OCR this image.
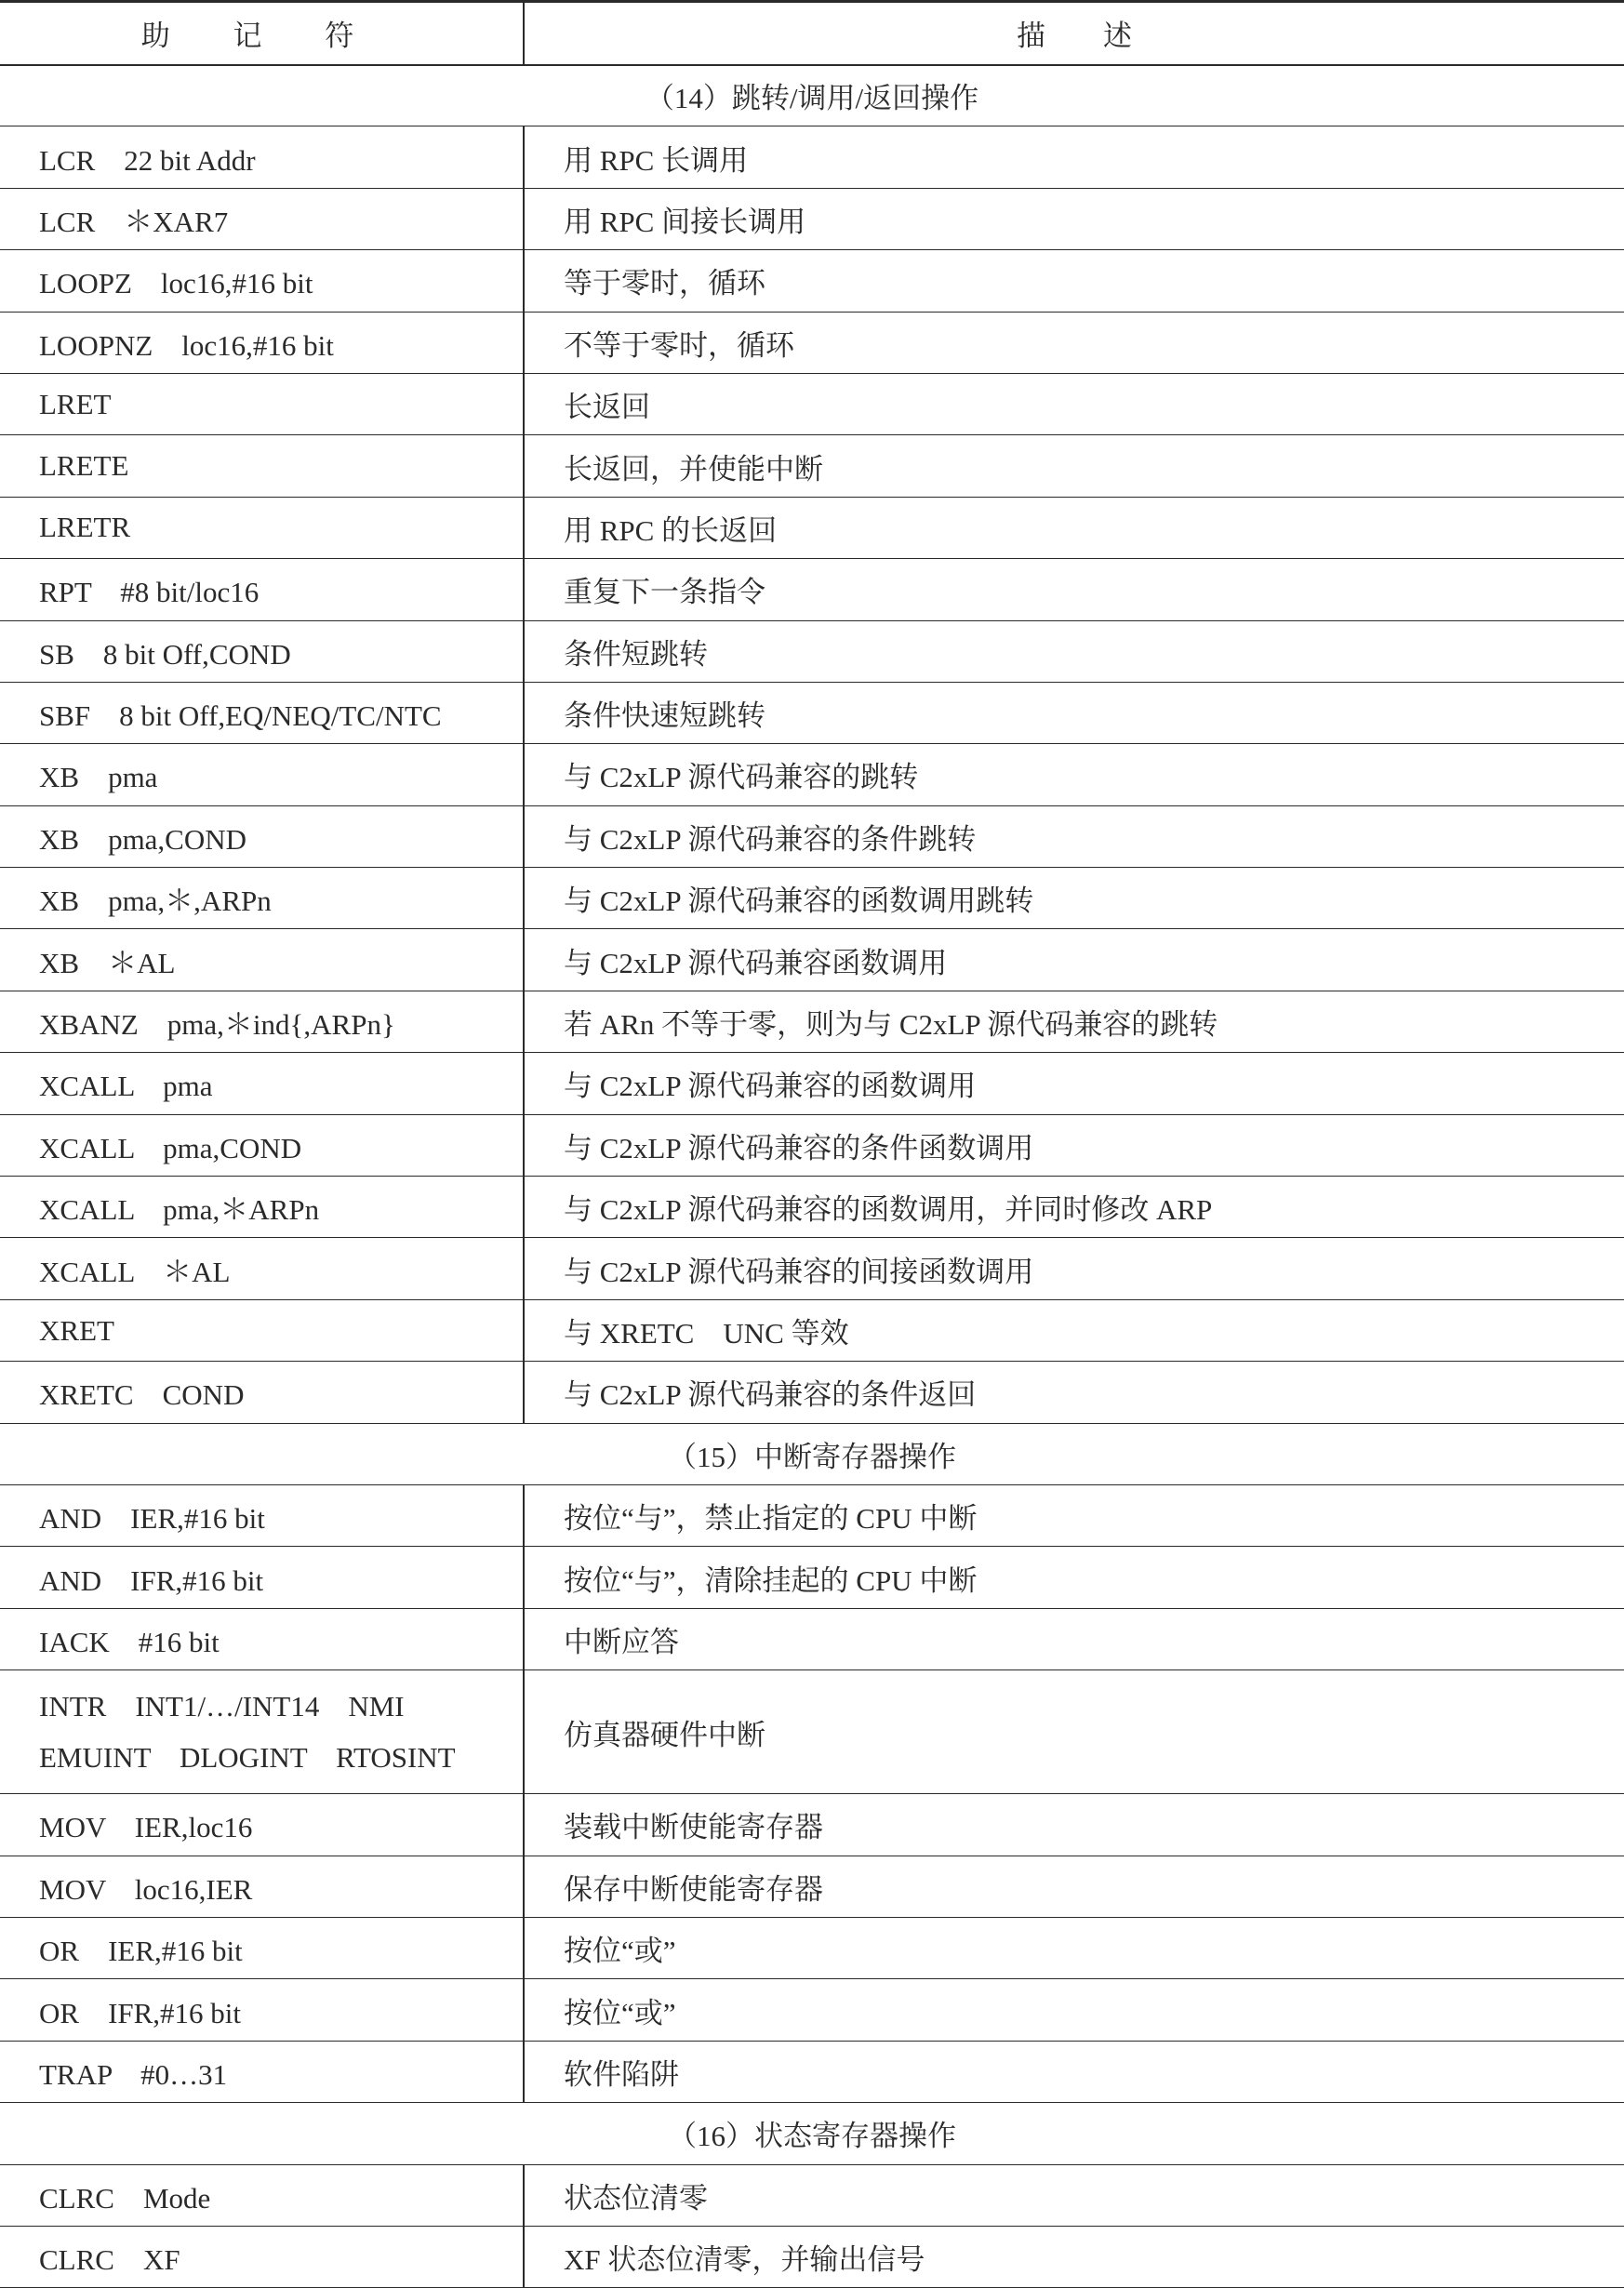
助 记 符	描　　述
（14）跳转/调用/返回操作	
LCR　22 bit Addr	用 RPC 长调用
LCR　＊XAR7	用 RPC 间接长调用
LOOPZ　loc16,#16 bit	等于零时，循环
LOOPNZ　loc16,#16 bit	不等于零时，循环
LRET	长返回
LRETE	长返回，并使能中断
LRETR	用 RPC 的长返回
RPT　#8 bit/loc16	重复下一条指令
SB　8 bit Off,COND	条件短跳转
SBF　8 bit Off,EQ/NEQ/TC/NTC	条件快速短跳转
XB　pma	与 C2xLP 源代码兼容的跳转
XB　pma,COND	与 C2xLP 源代码兼容的条件跳转
XB　pma,＊,ARPn	与 C2xLP 源代码兼容的函数调用跳转
XB　＊AL	与 C2xLP 源代码兼容函数调用
XBANZ　pma,＊ind{,ARPn}	若 ARn 不等于零，则为与 C2xLP 源代码兼容的跳转
XCALL　pma	与 C2xLP 源代码兼容的函数调用
XCALL　pma,COND	与 C2xLP 源代码兼容的条件函数调用
XCALL　pma,＊ARPn	与 C2xLP 源代码兼容的函数调用，并同时修改 ARP
XCALL　＊AL	与 C2xLP 源代码兼容的间接函数调用
XRET	与 XRETC　UNC 等效
XRETC　COND	与 C2xLP 源代码兼容的条件返回
（15）中断寄存器操作	
AND　IER,#16 bit	按位“与”，禁止指定的 CPU 中断
AND　IFR,#16 bit	按位“与”，清除挂起的 CPU 中断
IACK　#16 bit	中断应答
INTR　INT1/…/INT14　NMI
EMUINT　DLOGINT　RTOSINT	仿真器硬件中断
MOV　IER,loc16	装载中断使能寄存器
MOV　loc16,IER	保存中断使能寄存器
OR　IER,#16 bit	按位“或”
OR　IFR,#16 bit	按位“或”
TRAP　#0…31	软件陷阱
（16）状态寄存器操作	
CLRC　Mode	状态位清零
CLRC　XF	XF 状态位清零，并输出信号
